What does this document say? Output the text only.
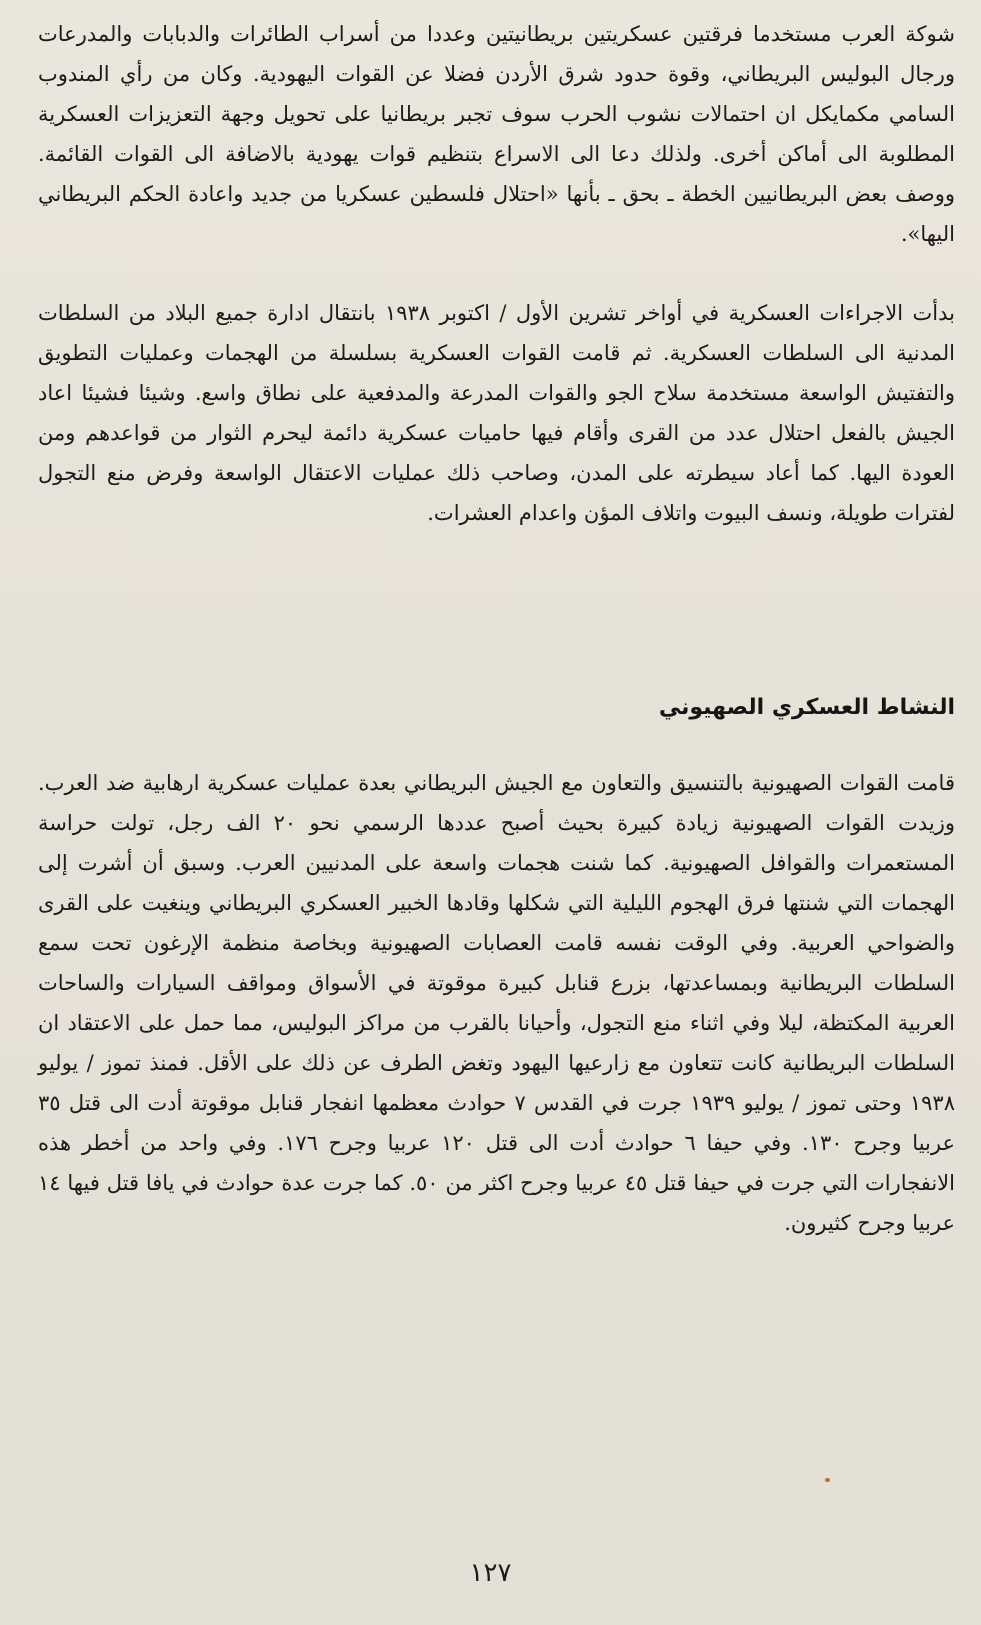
شوكة العرب مستخدما فرقتين عسكريتين بريطانيتين وعددا من أسراب الطائرات والدبابات والمدرعات ورجال البوليس البريطاني، وقوة حدود شرق الأردن فضلا عن القوات اليهودية. وكان من رأي المندوب السامي مكمايكل ان احتمالات نشوب الحرب سوف تجبر بريطانيا على تحويل وجهة التعزيزات العسكرية المطلوبة الى أماكن أخرى. ولذلك دعا الى الاسراع بتنظيم قوات يهودية بالاضافة الى القوات القائمة. ووصف بعض البريطانيين الخطة ـ بحق ـ بأنها «احتلال فلسطين عسكريا من جديد واعادة الحكم البريطاني اليها».

بدأت الاجراءات العسكرية في أواخر تشرين الأول / اكتوبر ١٩٣٨ بانتقال ادارة جميع البلاد من السلطات المدنية الى السلطات العسكرية. ثم قامت القوات العسكرية بسلسلة من الهجمات وعمليات التطويق والتفتيش الواسعة مستخدمة سلاح الجو والقوات المدرعة والمدفعية على نطاق واسع. وشيئا فشيئا اعاد الجيش بالفعل احتلال عدد من القرى وأقام فيها حاميات عسكرية دائمة ليحرم الثوار من قواعدهم ومن العودة اليها. كما أعاد سيطرته على المدن، وصاحب ذلك عمليات الاعتقال الواسعة وفرض منع التجول لفترات طويلة، ونسف البيوت واتلاف المؤن واعدام العشرات.

النشاط العسكري الصهيوني

قامت القوات الصهيونية بالتنسيق والتعاون مع الجيش البريطاني بعدة عمليات عسكرية ارهابية ضد العرب. وزيدت القوات الصهيونية زيادة كبيرة بحيث أصبح عددها الرسمي نحو ٢٠ الف رجل، تولت حراسة المستعمرات والقوافل الصهيونية. كما شنت هجمات واسعة على المدنيين العرب. وسبق أن أشرت إلى الهجمات التي شنتها فرق الهجوم الليلية التي شكلها وقادها الخبير العسكري البريطاني وينغيت على القرى والضواحي العربية. وفي الوقت نفسه قامت العصابات الصهيونية وبخاصة منظمة الإرغون تحت سمع السلطات البريطانية وبمساعدتها، بزرع قنابل كبيرة موقوتة في الأسواق ومواقف السيارات والساحات العربية المكتظة، ليلا وفي اثناء منع التجول، وأحيانا بالقرب من مراكز البوليس، مما حمل على الاعتقاد ان السلطات البريطانية كانت تتعاون مع زارعيها اليهود وتغض الطرف عن ذلك على الأقل. فمنذ تموز / يوليو ١٩٣٨ وحتى تموز / يوليو ١٩٣٩ جرت في القدس ٧ حوادث معظمها انفجار قنابل موقوتة أدت الى قتل ٣٥ عربيا وجرح ١٣٠. وفي حيفا ٦ حوادث أدت الى قتل ١٢٠ عربيا وجرح ١٧٦. وفي واحد من أخطر هذه الانفجارات التي جرت في حيفا قتل ٤٥ عربيا وجرح اكثر من ٥٠. كما جرت عدة حوادث في يافا قتل فيها ١٤ عربيا وجرح كثيرون.

١٢٧
